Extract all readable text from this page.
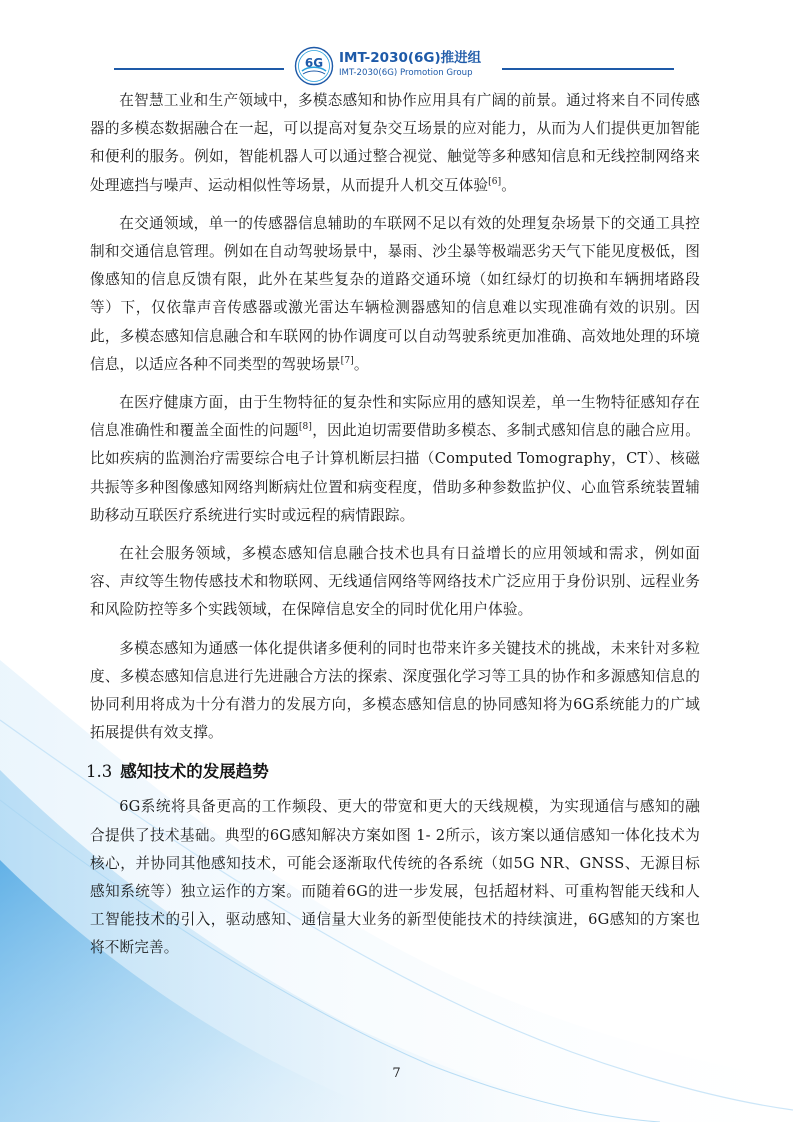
6G IMT-2030(6G)推进组
IMT-2030(6G) Promotion Group

在智慧工业和生产领域中，多模态感知和协作应用具有广阔的前景。通过将来自不同传感器的多模态数据融合在一起，可以提高对复杂交互场景的应对能力，从而为人们提供更加智能和便利的服务。例如，智能机器人可以通过整合视觉、触觉等多种感知信息和无线控制网络来处理遮挡与噪声、运动相似性等场景，从而提升人机交互体验[6]。

在交通领域，单一的传感器信息辅助的车联网不足以有效的处理复杂场景下的交通工具控制和交通信息管理。例如在自动驾驶场景中，暴雨、沙尘暴等极端恶劣天气下能见度极低，图像感知的信息反馈有限，此外在某些复杂的道路交通环境（如红绿灯的切换和车辆拥堵路段等）下，仅依靠声音传感器或激光雷达车辆检测器感知的信息难以实现准确有效的识别。因此，多模态感知信息融合和车联网的协作调度可以自动驾驶系统更加准确、高效地处理的环境信息，以适应各种不同类型的驾驶场景[7]。

在医疗健康方面，由于生物特征的复杂性和实际应用的感知误差，单一生物特征感知存在信息准确性和覆盖全面性的问题[8]，因此迫切需要借助多模态、多制式感知信息的融合应用。比如疾病的监测治疗需要综合电子计算机断层扫描（Computed Tomography，CT）、核磁共振等多种图像感知网络判断病灶位置和病变程度，借助多种参数监护仪、心血管系统装置辅助移动互联医疗系统进行实时或远程的病情跟踪。

在社会服务领域，多模态感知信息融合技术也具有日益增长的应用领域和需求，例如面容、声纹等生物传感技术和物联网、无线通信网络等网络技术广泛应用于身份识别、远程业务和风险防控等多个实践领域，在保障信息安全的同时优化用户体验。

多模态感知为通感一体化提供诸多便利的同时也带来许多关键技术的挑战，未来针对多粒度、多模态感知信息进行先进融合方法的探索、深度强化学习等工具的协作和多源感知信息的协同利用将成为十分有潜力的发展方向，多模态感知信息的协同感知将为6G系统能力的广域拓展提供有效支撑。

1.3 感知技术的发展趋势

6G系统将具备更高的工作频段、更大的带宽和更大的天线规模，为实现通信与感知的融合提供了技术基础。典型的6G感知解决方案如图 1- 2所示，该方案以通信感知一体化技术为核心，并协同其他感知技术，可能会逐渐取代传统的各系统（如5G NR、GNSS、无源目标感知系统等）独立运作的方案。而随着6G的进一步发展，包括超材料、可重构智能天线和人工智能技术的引入，驱动感知、通信量大业务的新型使能技术的持续演进，6G感知的方案也将不断完善。

7
